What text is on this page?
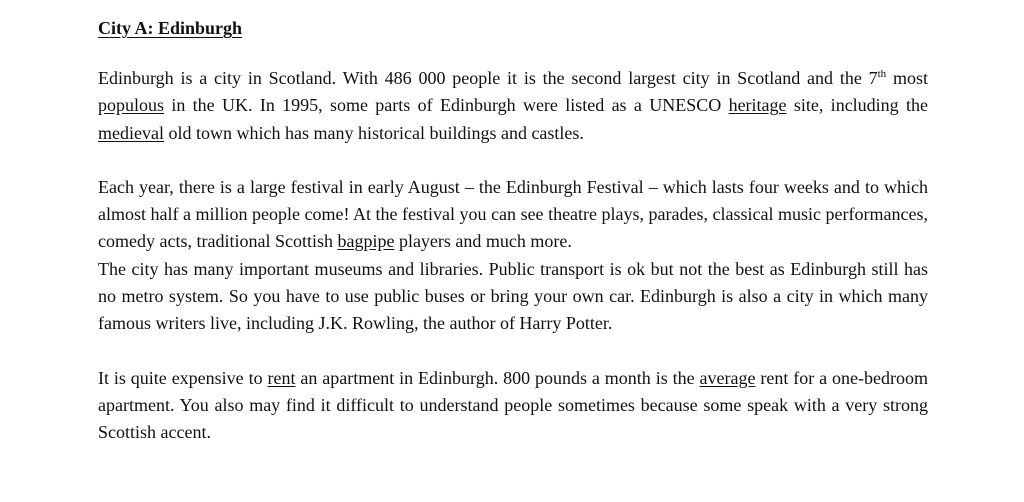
City A: Edinburgh

Edinburgh is a city in Scotland. With 486 000 people it is the second largest city in Scotland and the 7th most populous in the UK. In 1995, some parts of Edinburgh were listed as a UNESCO heritage site, including the medieval old town which has many historical buildings and castles.

Each year, there is a large festival in early August – the Edinburgh Festival – which lasts four weeks and to which almost half a million people come! At the festival you can see theatre plays, parades, classical music performances, comedy acts, traditional Scottish bagpipe players and much more.

The city has many important museums and libraries. Public transport is ok but not the best as Edinburgh still has no metro system. So you have to use public buses or bring your own car. Edinburgh is also a city in which many famous writers live, including J.K. Rowling, the author of Harry Potter.

It is quite expensive to rent an apartment in Edinburgh. 800 pounds a month is the average rent for a one-bedroom apartment. You also may find it difficult to understand people sometimes because some speak with a very strong Scottish accent.
